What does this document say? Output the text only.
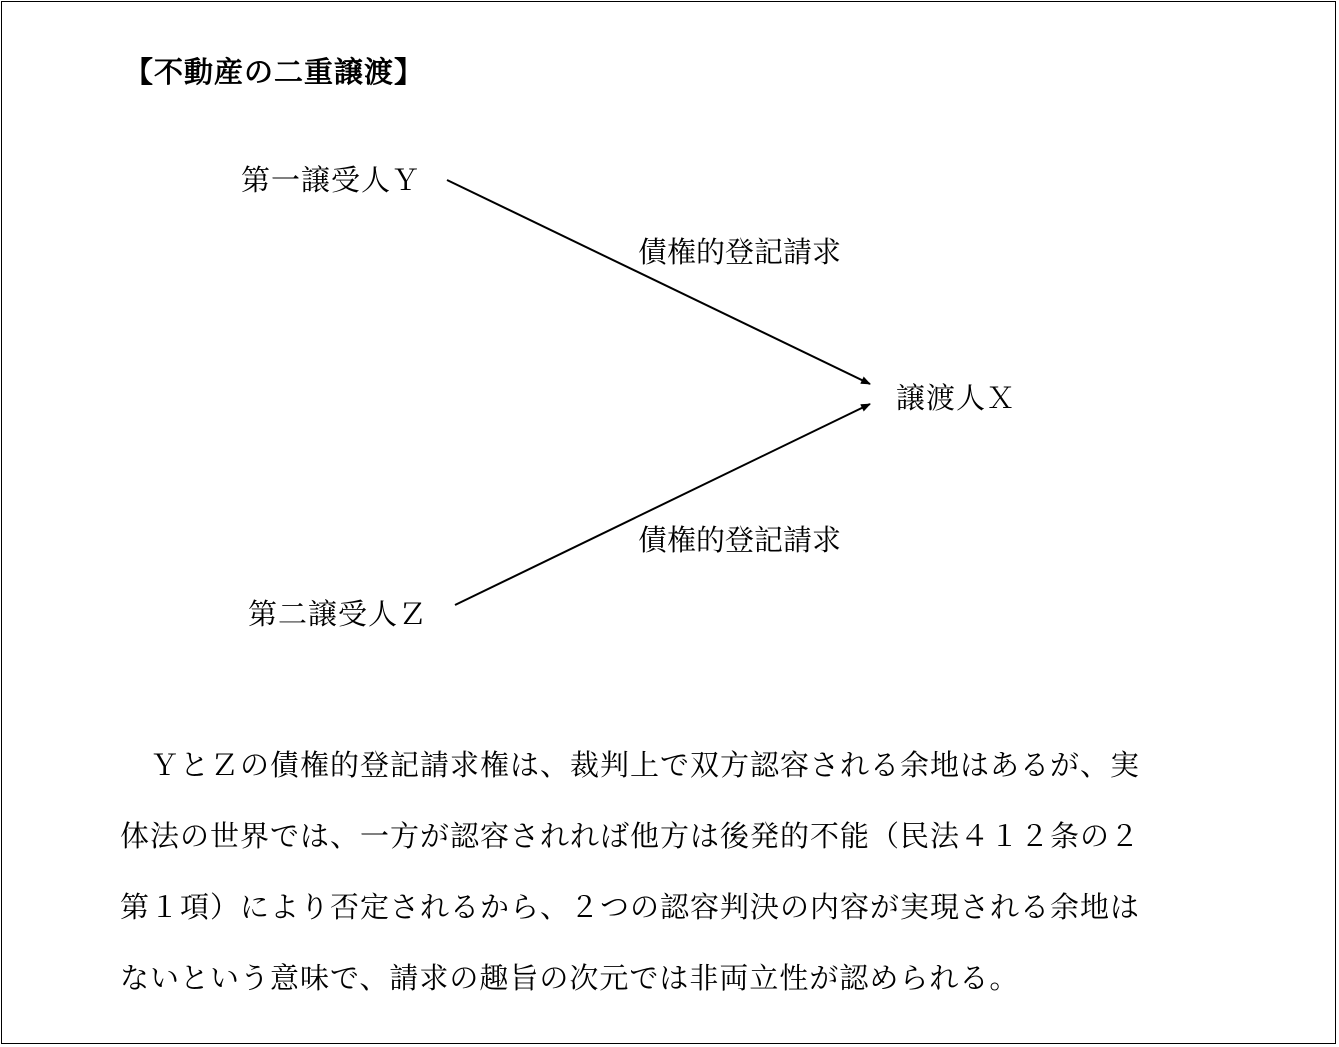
【不動産の二重譲渡】
第一譲受人Ｙ
第二譲受人Ｚ
譲渡人Ｘ
債権的登記請求
債権的登記請求
　ＹとＺの債権的登記請求権は、裁判上で双方認容される余地はあるが、実
体法の世界では、一方が認容されれば他方は後発的不能（民法４１２条の２
第１項）により否定されるから、２つの認容判決の内容が実現される余地は
ないという意味で、請求の趣旨の次元では非両立性が認められる。
